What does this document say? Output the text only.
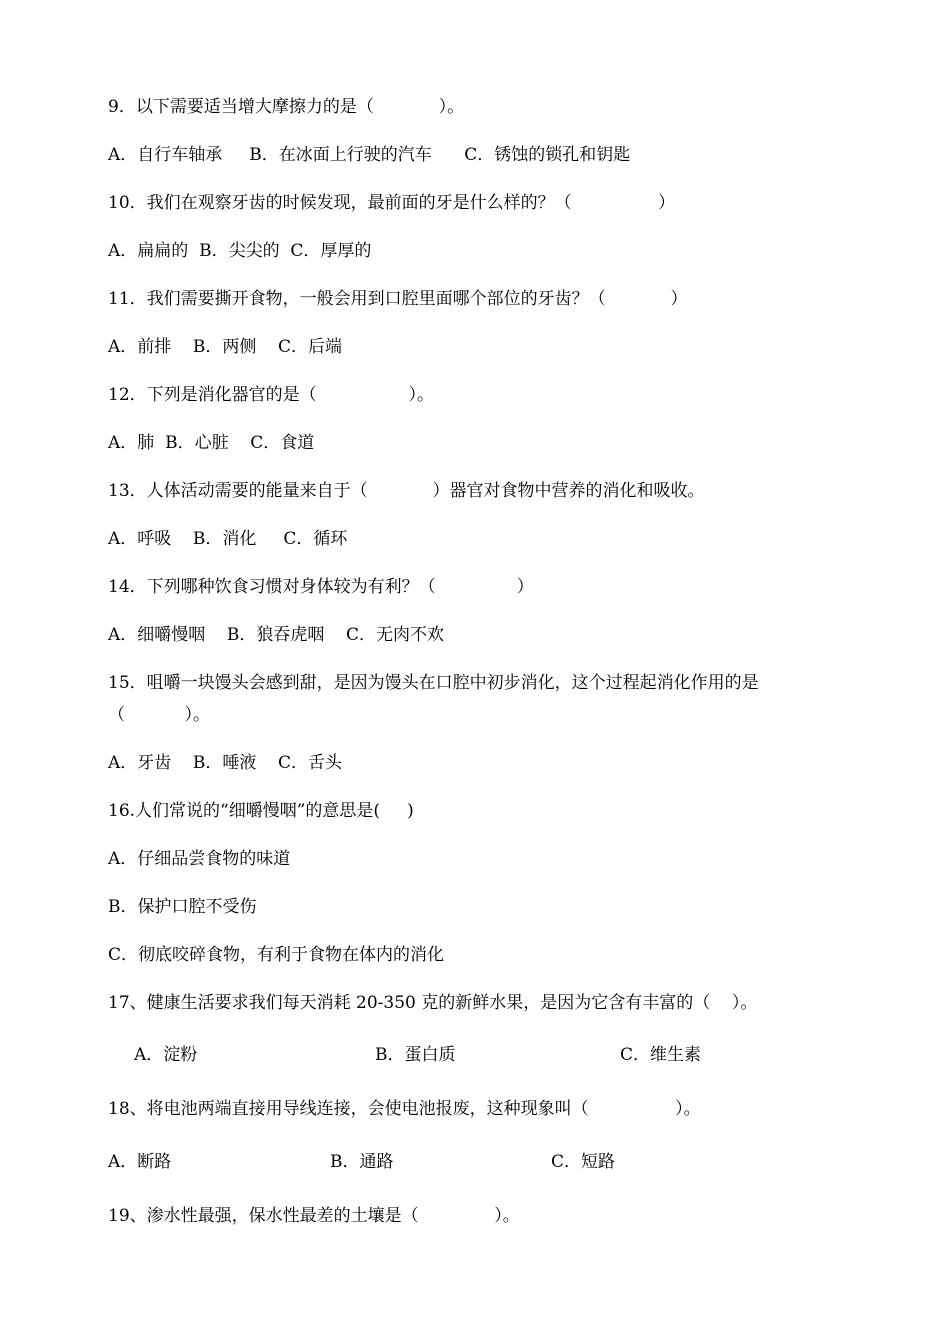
9．以下需要适当增大摩擦力的是（            ）。
A．自行车轴承     B．在冰面上行驶的汽车      C．锈蚀的锁孔和钥匙
10．我们在观察牙齿的时候发现，最前面的牙是什么样的？（                ）
A．扁扁的  B．尖尖的  C．厚厚的
11．我们需要撕开食物，一般会用到口腔里面哪个部位的牙齿？（            ）
A．前排    B．两侧    C．后端
12．下列是消化器官的是（                 ）。
A．肺  B．心脏    C．食道
13．人体活动需要的能量来自于（            ）器官对食物中营养的消化和吸收。
A．呼吸    B．消化     C．循环
14．下列哪种饮食习惯对身体较为有利？（               ）
A．细嚼慢咽    B．狼吞虎咽    C．无肉不欢
15．咀嚼一块馒头会感到甜，是因为馒头在口腔中初步消化，这个过程起消化作用的是
（           ）。
A．牙齿    B．唾液    C．舌头
16.人们常说的“细嚼慢咽”的意思是(     )
A．仔细品尝食物的味道
B．保护口腔不受伤
C．彻底咬碎食物，有利于食物在体内的消化
17、健康生活要求我们每天消耗 20-350 克的新鲜水果，是因为它含有丰富的（    ）。
A．淀粉	B．蛋白质	C．维生素
18、将电池两端直接用导线连接，会使电池报废，这种现象叫（                ）。
A．断路	B．通路	C．短路
19、渗水性最强，保水性最差的土壤是（              ）。
